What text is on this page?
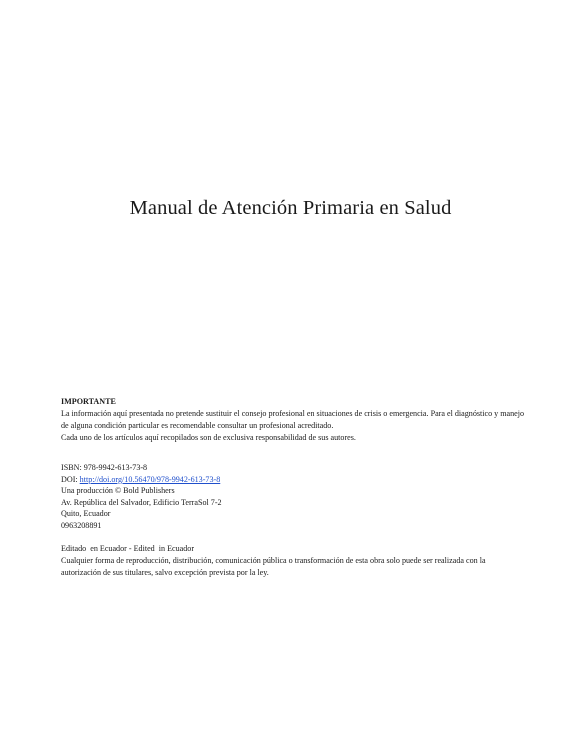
Manual de Atención Primaria en Salud
IMPORTANTE

La información aquí presentada no pretende sustituir el consejo profesional en situaciones de crisis o emergencia. Para el diagnóstico y manejo de alguna condición particular es recomendable consultar un profesional acreditado.

Cada uno de los artículos aquí recopilados son de exclusiva responsabilidad de sus autores.

ISBN: 978-9942-613-73-8
DOI: http://doi.org/10.56470/978-9942-613-73-8
Una producción © Bold Publishers
Av. República del Salvador, Edificio TerraSol 7-2
Quito, Ecuador
0963208891

Editado  en Ecuador - Edited  in Ecuador

Cualquier forma de reproducción, distribución, comunicación pública o transformación de esta obra solo puede ser realizada con la autorización de sus titulares, salvo excepción prevista por la ley.
